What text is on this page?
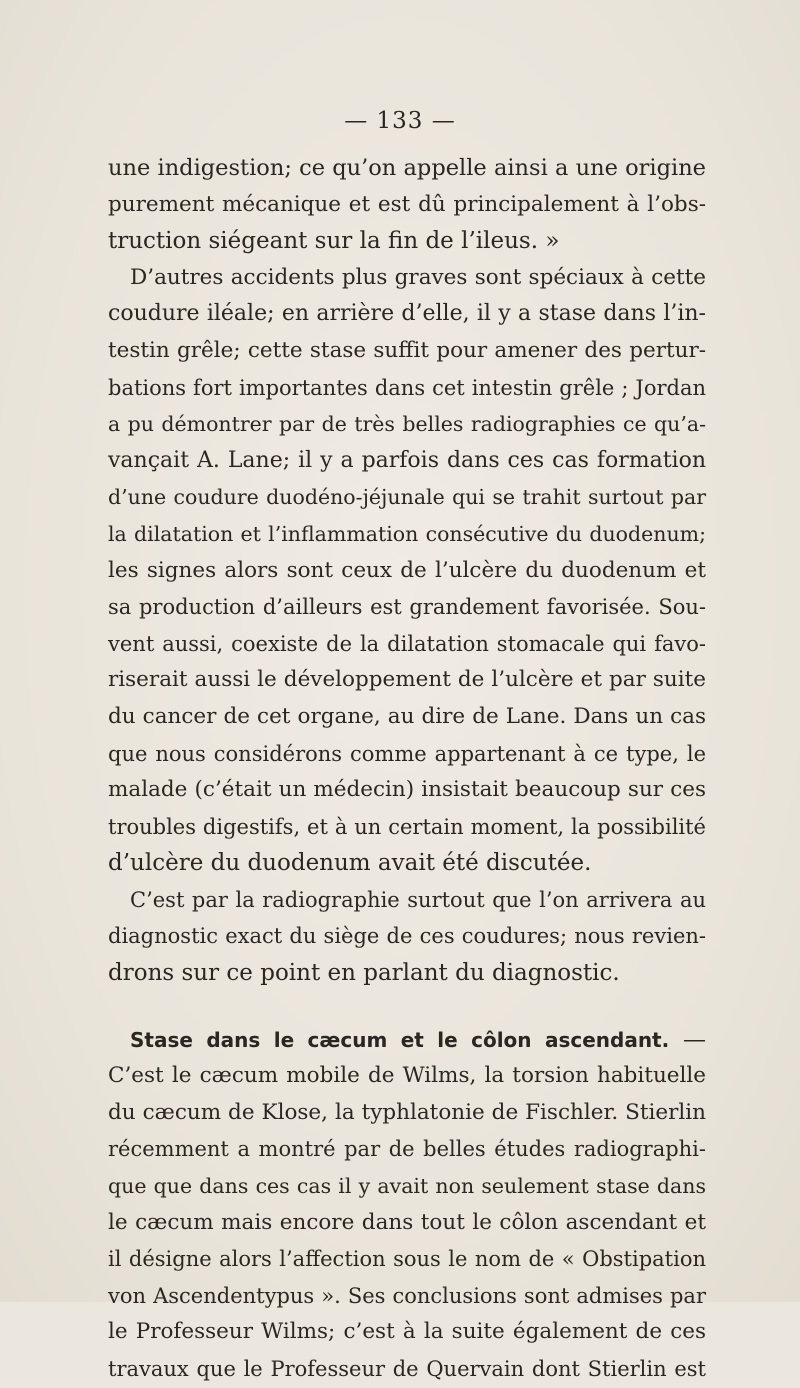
— 133 —
une indigestion; ce qu’on appelle ainsi a une origine
purement mécanique et est dû principalement à l’obs-
truction siégeant sur la fin de l’ileus. »
D’autres accidents plus graves sont spéciaux à cette
coudure iléale; en arrière d’elle, il y a stase dans l’in-
testin grêle; cette stase suffit pour amener des pertur-
bations fort importantes dans cet intestin grêle ; Jordan
a pu démontrer par de très belles radiographies ce qu’a-
vançait A. Lane; il y a parfois dans ces cas formation
d’une coudure duodéno-jéjunale qui se trahit surtout par
la dilatation et l’inflammation consécutive du duodenum;
les signes alors sont ceux de l’ulcère du duodenum et
sa production d’ailleurs est grandement favorisée. Sou-
vent aussi, coexiste de la dilatation stomacale qui favo-
riserait aussi le développement de l’ulcère et par suite
du cancer de cet organe, au dire de Lane. Dans un cas
que nous considérons comme appartenant à ce type, le
malade (c’était un médecin) insistait beaucoup sur ces
troubles digestifs, et à un certain moment, la possibilité
d’ulcère du duodenum avait été discutée.
C’est par la radiographie surtout que l’on arrivera au
diagnostic exact du siège de ces coudures; nous revien-
drons sur ce point en parlant du diagnostic.
Stase dans le cæcum et le côlon ascendant. —
C’est le cæcum mobile de Wilms, la torsion habituelle
du cæcum de Klose, la typhlatonie de Fischler. Stierlin
récemment a montré par de belles études radiographi-
que que dans ces cas il y avait non seulement stase dans
le cæcum mais encore dans tout le côlon ascendant et
il désigne alors l’affection sous le nom de « Obstipation
von Ascendentypus ». Ses conclusions sont admises par
le Professeur Wilms; c’est à la suite également de ces
travaux que le Professeur de Quervain dont Stierlin est
